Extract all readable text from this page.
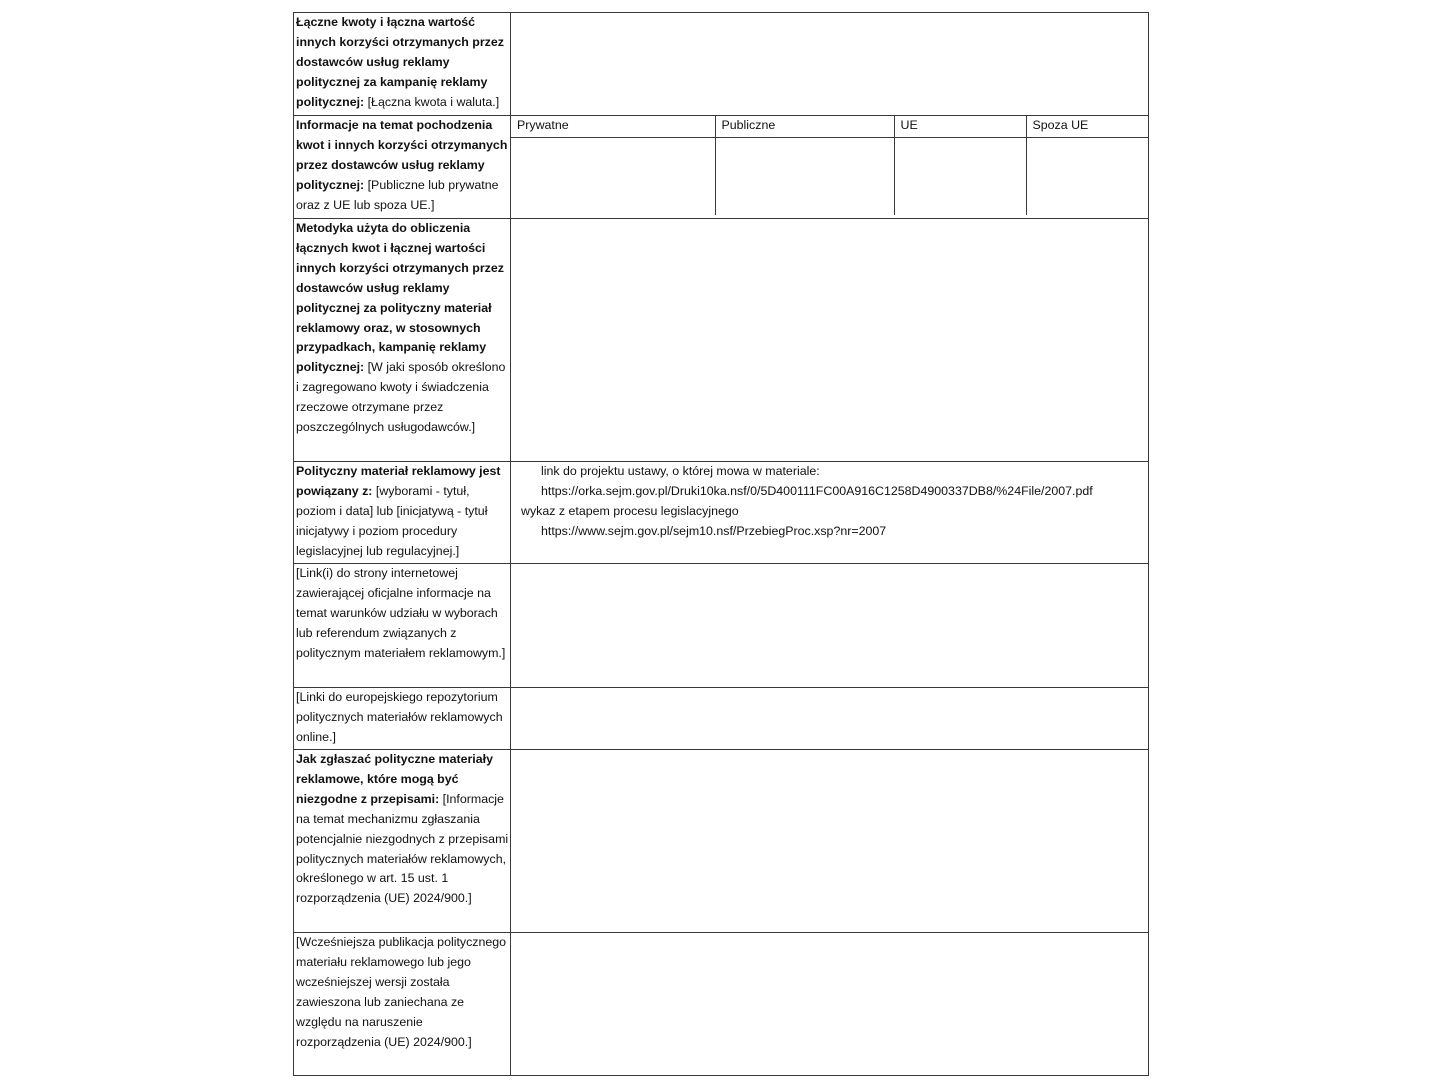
Łączne kwoty i łączna wartość innych korzyści otrzymanych przez dostawców usług reklamy politycznej za kampanię reklamy politycznej: [Łączna kwota i waluta.]	
Informacje na temat pochodzenia kwot i innych korzyści otrzymanych przez dostawców usług reklamy politycznej: [Publiczne lub prywatne oraz z UE lub spoza UE.]	
Prywatne	Publiczne	UE	Spoza UE

Metodyka użyta do obliczenia łącznych kwot i łącznej wartości innych korzyści otrzymanych przez dostawców usług reklamy politycznej za polityczny materiał reklamowy oraz, w stosownych przypadkach, kampanię reklamy politycznej: [W jaki sposób określono i zagregowano kwoty i świadczenia rzeczowe otrzymane przez poszczególnych usługodawców.]	
Polityczny materiał reklamowy jest powiązany z: [wyborami - tytuł, poziom i data] lub [inicjatywą - tytuł inicjatywy i poziom procedury legislacyjnej lub regulacyjnej.]	
link do projektu ustawy, o której mowa w materiale:
https://orka.sejm.gov.pl/Druki10ka.nsf/0/5D400111FC00A916C1258D4900337DB8/%24File/2007.pdf
wykaz z etapem procesu legislacyjnego
https://www.sejm.gov.pl/sejm10.nsf/PrzebiegProc.xsp?nr=2007

[Link(i) do strony internetowej zawierającej oficjalne informacje na temat warunków udziału w wyborach lub referendum związanych z politycznym materiałem reklamowym.]	
[Linki do europejskiego repozytorium politycznych materiałów reklamowych online.]	
Jak zgłaszać polityczne materiały reklamowe, które mogą być niezgodne z przepisami: [Informacje na temat mechanizmu zgłaszania potencjalnie niezgodnych z przepisami politycznych materiałów reklamowych, określonego w art. 15 ust. 1 rozporządzenia (UE) 2024/900.]	
[Wcześniejsza publikacja politycznego materiału reklamowego lub jego wcześniejszej wersji została zawieszona lub zaniechana ze względu na naruszenie rozporządzenia (UE) 2024/900.]	
